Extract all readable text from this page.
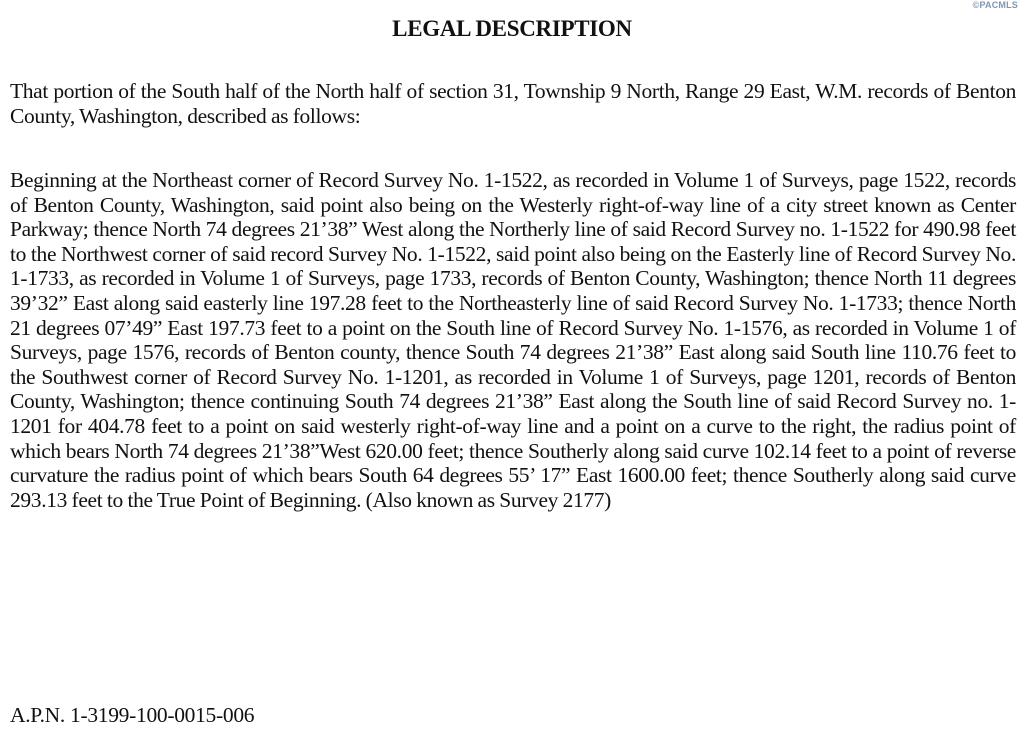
©PACMLS
LEGAL DESCRIPTION

That portion of the South half of the North half of section 31, Township 9 North, Range 29 East, W.M. records of Benton County, Washington, described as follows:

Beginning at the Northeast corner of Record Survey No. 1-1522, as recorded in Volume 1 of Surveys, page 1522, records of Benton County, Washington, said point also being on the Westerly right-of-way line of a city street known as Center Parkway; thence North 74 degrees 21’38” West along the Northerly line of said Record Survey no. 1-1522 for 490.98 feet to the Northwest corner of said record Survey No. 1-1522, said point also being on the Easterly line of Record Survey No. 1-1733, as recorded in Volume 1 of Surveys, page 1733, records of Benton County, Washington; thence North 11 degrees 39’32” East along said easterly line 197.28 feet to the Northeasterly line of said Record Survey No. 1-1733; thence North 21 degrees 07’49” East 197.73 feet to a point on the South line of Record Survey No. 1-1576, as recorded in Volume 1 of Surveys, page 1576, records of Benton county, thence South 74 degrees 21’38” East along said South line 110.76 feet to the Southwest corner of Record Survey No. 1-1201, as recorded in Volume 1 of Surveys, page 1201, records of Benton County, Washington; thence continuing South 74 degrees 21’38” East along the South line of said Record Survey no. 1-1201 for 404.78 feet to a point on said westerly right-of-way line and a point on a curve to the right, the radius point of which bears North 74 degrees 21’38”West 620.00 feet; thence Southerly along said curve 102.14 feet to a point of reverse curvature the radius point of which bears South 64 degrees 55’ 17” East 1600.00 feet; thence Southerly along said curve 293.13 feet to the True Point of Beginning. (Also known as Survey 2177)

A.P.N. 1-3199-100-0015-006
